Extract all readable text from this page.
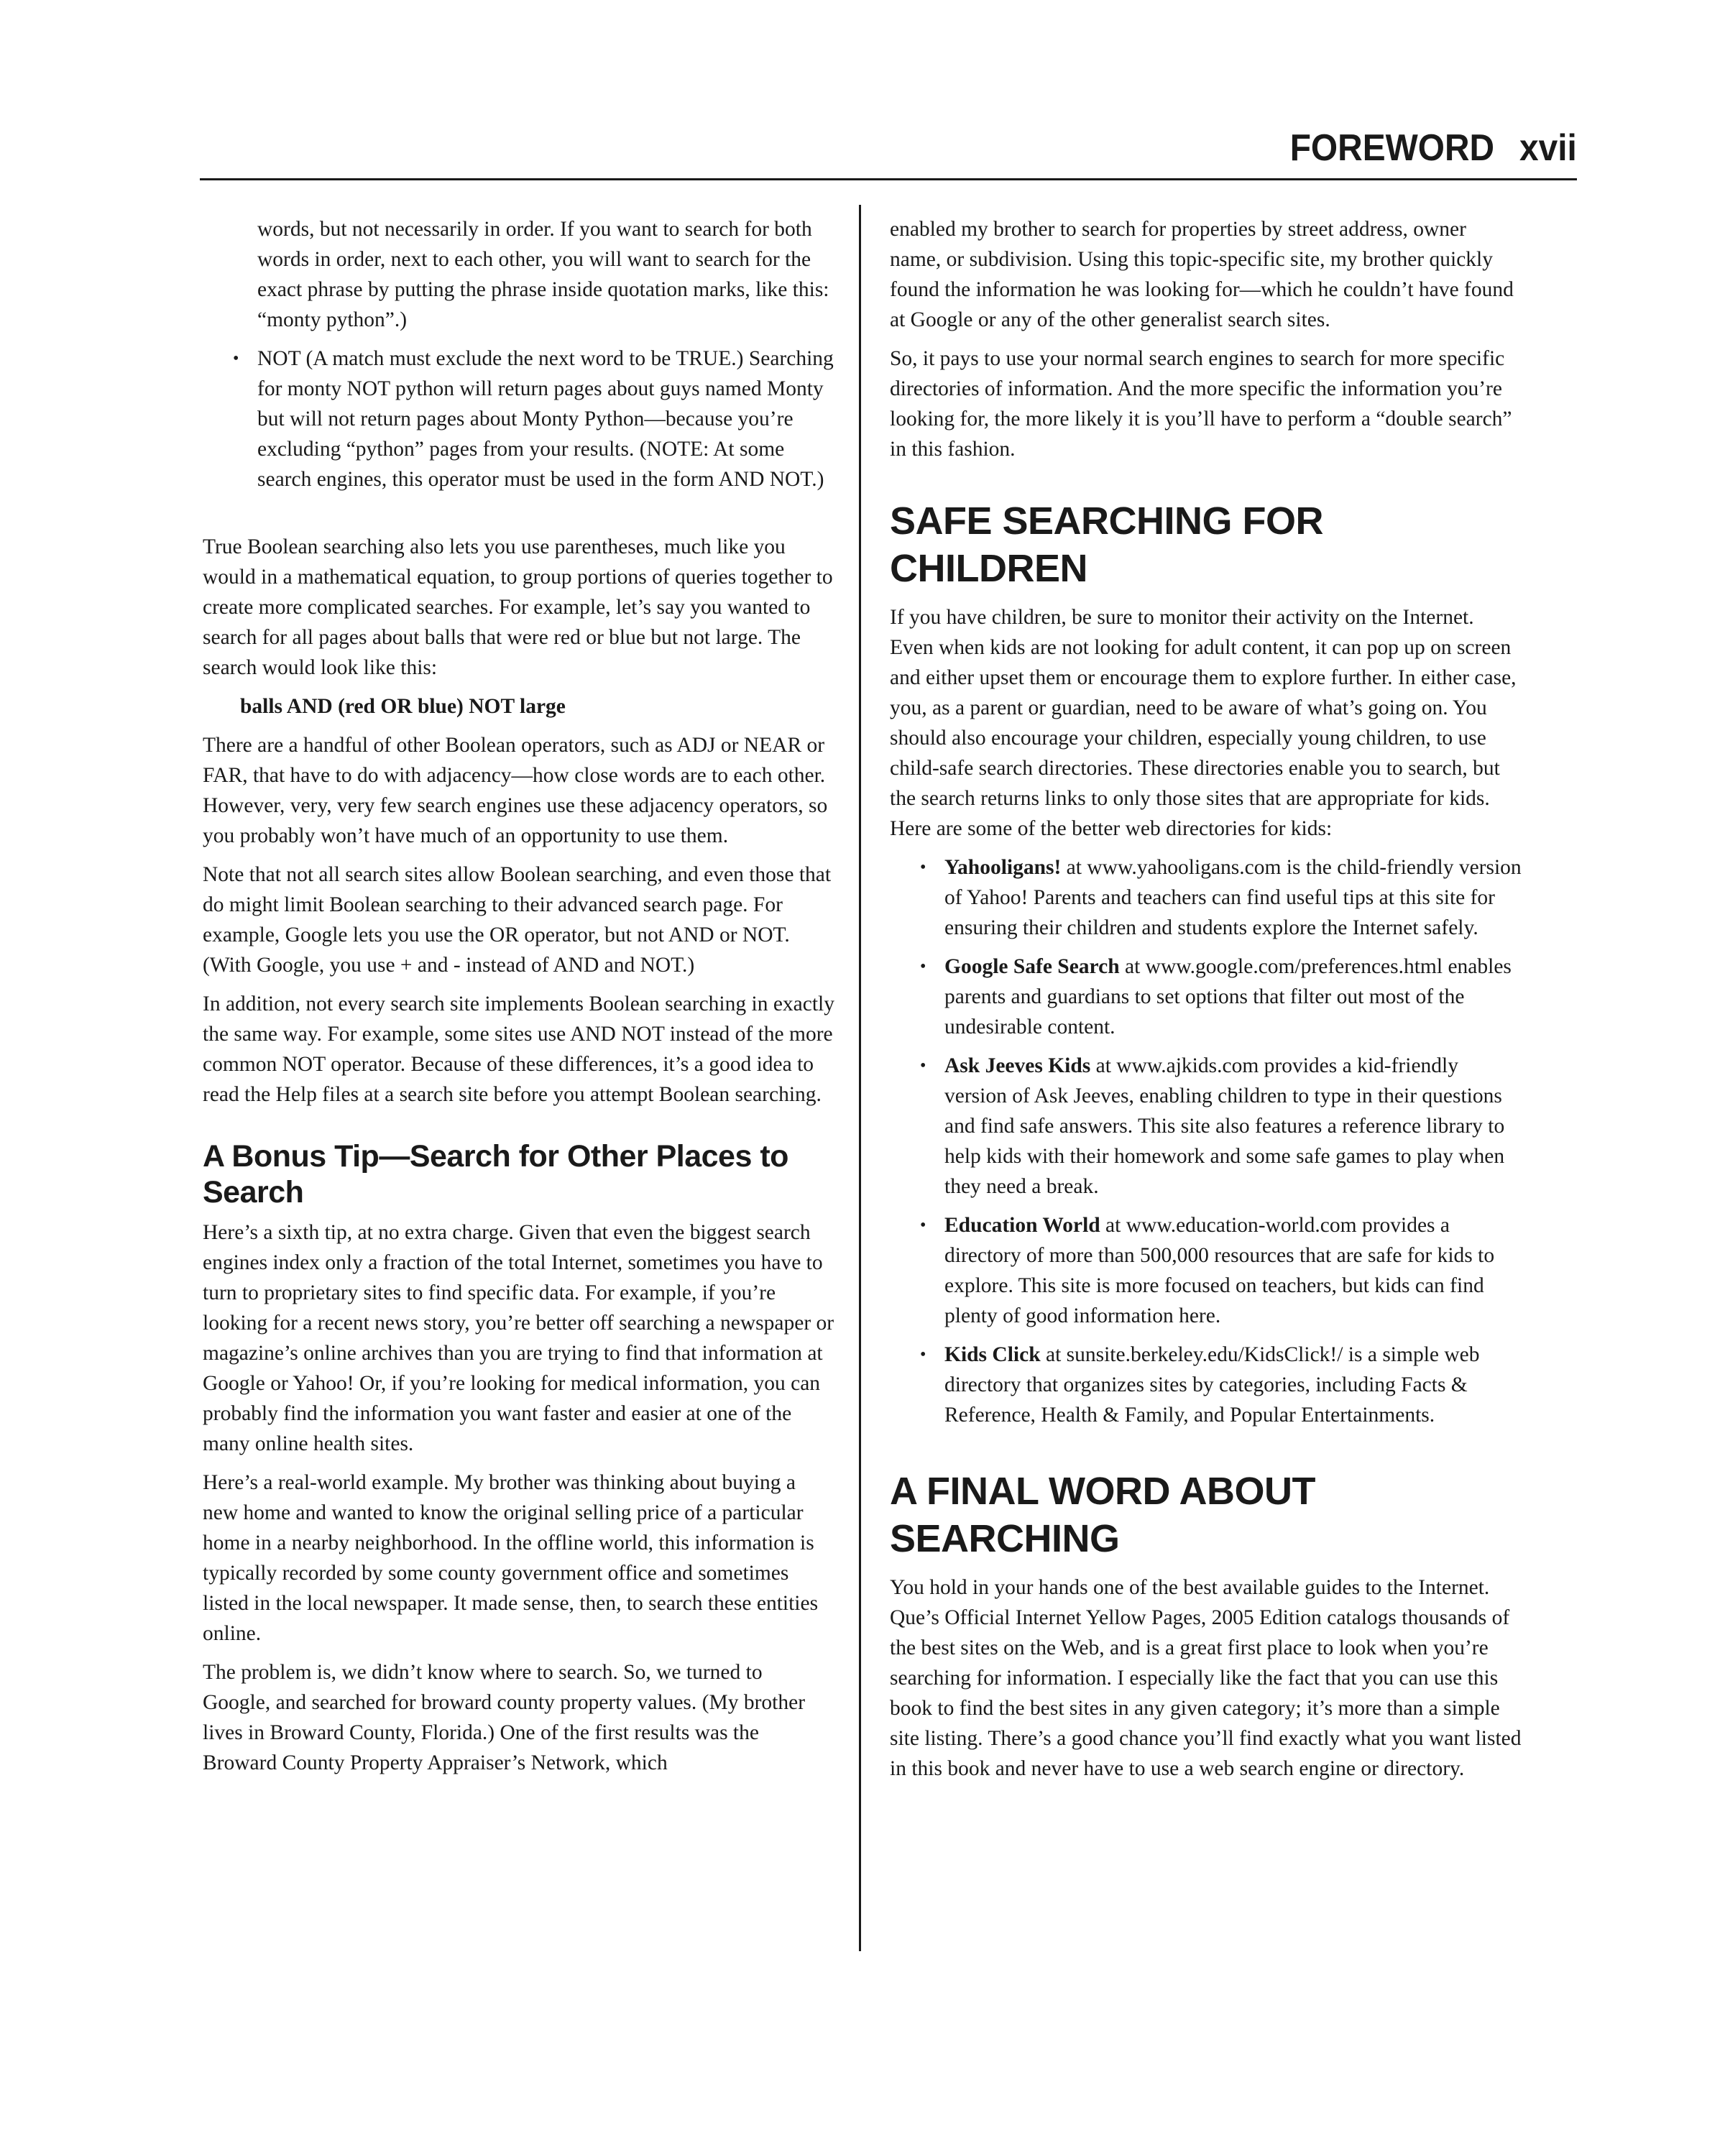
FOREWORD xvii

words, but not necessarily in order. If you want to search for both words in order, next to each other, you will want to search for the exact phrase by putting the phrase inside quotation marks, like this: “monty python”.)

• NOT (A match must exclude the next word to be TRUE.) Searching for monty NOT python will return pages about guys named Monty but will not return pages about Monty Python—because you’re excluding “python” pages from your results. (NOTE: At some search engines, this operator must be used in the form AND NOT.)

True Boolean searching also lets you use parentheses, much like you would in a mathematical equation, to group portions of queries together to create more complicated searches. For example, let’s say you wanted to search for all pages about balls that were red or blue but not large. The search would look like this:

balls AND (red OR blue) NOT large

There are a handful of other Boolean operators, such as ADJ or NEAR or FAR, that have to do with adjacency—how close words are to each other. However, very, very few search engines use these adjacency operators, so you probably won’t have much of an opportunity to use them.

Note that not all search sites allow Boolean searching, and even those that do might limit Boolean searching to their advanced search page. For example, Google lets you use the OR operator, but not AND or NOT. (With Google, you use + and - instead of AND and NOT.)

In addition, not every search site implements Boolean searching in exactly the same way. For example, some sites use AND NOT instead of the more common NOT operator. Because of these differences, it’s a good idea to read the Help files at a search site before you attempt Boolean searching.

A Bonus Tip—Search for Other Places to Search

Here’s a sixth tip, at no extra charge. Given that even the biggest search engines index only a fraction of the total Internet, sometimes you have to turn to proprietary sites to find specific data. For example, if you’re looking for a recent news story, you’re better off searching a newspaper or magazine’s online archives than you are trying to find that information at Google or Yahoo! Or, if you’re looking for medical information, you can probably find the information you want faster and easier at one of the many online health sites.

Here’s a real-world example. My brother was thinking about buying a new home and wanted to know the original selling price of a particular home in a nearby neighborhood. In the offline world, this information is typically recorded by some county government office and sometimes listed in the local newspaper. It made sense, then, to search these entities online.

The problem is, we didn’t know where to search. So, we turned to Google, and searched for broward county property values. (My brother lives in Broward County, Florida.) One of the first results was the Broward County Property Appraiser’s Network, which

enabled my brother to search for properties by street address, owner name, or subdivision. Using this topic-specific site, my brother quickly found the information he was looking for—which he couldn’t have found at Google or any of the other generalist search sites.

So, it pays to use your normal search engines to search for more specific directories of information. And the more specific the information you’re looking for, the more likely it is you’ll have to perform a “double search” in this fashion.

SAFE SEARCHING FOR CHILDREN

If you have children, be sure to monitor their activity on the Internet. Even when kids are not looking for adult content, it can pop up on screen and either upset them or encourage them to explore further. In either case, you, as a parent or guardian, need to be aware of what’s going on. You should also encourage your children, especially young children, to use child-safe search directories. These directories enable you to search, but the search returns links to only those sites that are appropriate for kids. Here are some of the better web directories for kids:

• Yahooligans! at www.yahooligans.com is the child-friendly version of Yahoo! Parents and teachers can find useful tips at this site for ensuring their children and students explore the Internet safely.
• Google Safe Search at www.google.com/preferences.html enables parents and guardians to set options that filter out most of the undesirable content.
• Ask Jeeves Kids at www.ajkids.com provides a kid-friendly version of Ask Jeeves, enabling children to type in their questions and find safe answers. This site also features a reference library to help kids with their homework and some safe games to play when they need a break.
• Education World at www.education-world.com provides a directory of more than 500,000 resources that are safe for kids to explore. This site is more focused on teachers, but kids can find plenty of good information here.
• Kids Click at sunsite.berkeley.edu/KidsClick!/ is a simple web directory that organizes sites by categories, including Facts & Reference, Health & Family, and Popular Entertainments.
A FINAL WORD ABOUT SEARCHING

You hold in your hands one of the best available guides to the Internet. Que’s Official Internet Yellow Pages, 2005 Edition catalogs thousands of the best sites on the Web, and is a great first place to look when you’re searching for information. I especially like the fact that you can use this book to find the best sites in any given category; it’s more than a simple site listing. There’s a good chance you’ll find exactly what you want listed in this book and never have to use a web search engine or directory.
